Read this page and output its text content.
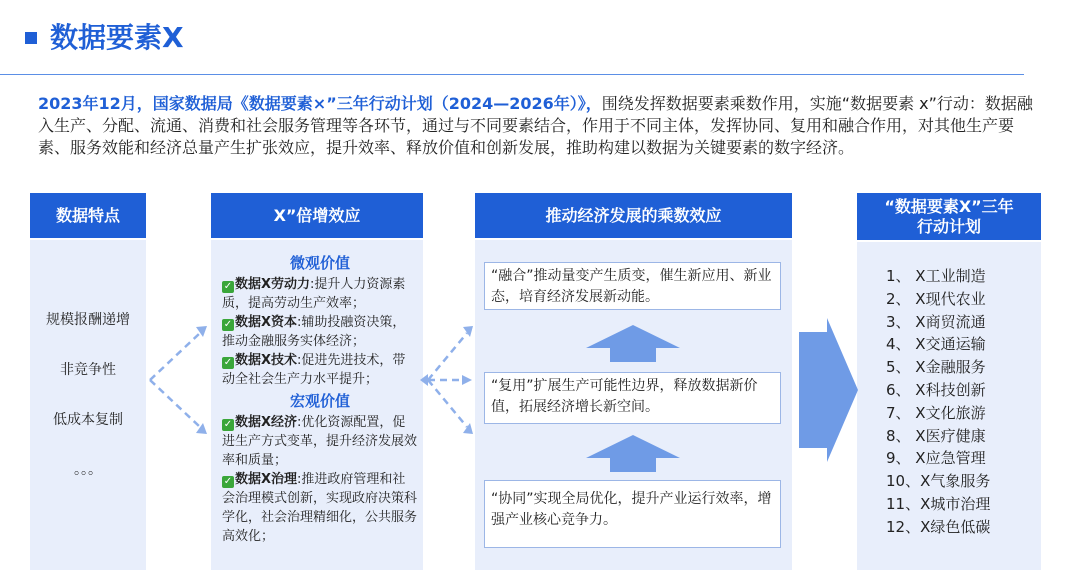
数据要素X
2023年12月，国家数据局《数据要素×”三年行动计划（2024—2026年）》，围绕发挥数据要素乘数作用，实施“数据要素 x”行动：数据融入生产、分配、流通、消费和社会服务管理等各环节，通过与不同要素结合，作用于不同主体，发挥协同、复用和融合作用，对其他生产要素、服务效能和经济总量产生扩张效应，提升效率、释放价值和创新发展，推助构建以数据为关键要素的数字经济。
数据特点
规模报酬递增
非竞争性
低成本复制
。。。
X”倍增效应
微观价值

✓ 数据X劳动力:提升人力资源素质，提高劳动生产效率；

✓ 数据X资本:辅助投融资决策，推动金融服务实体经济；

✓ 数据X技术:促进先进技术，带动全社会生产力水平提升；

宏观价值

✓ 数据X经济:优化资源配置，促进生产方式变革，提升经济发展效率和质量；

✓ 数据X治理:推进政府管理和社会治理模式创新，实现政府决策科学化，社会治理精细化，公共服务高效化；

推动经济发展的乘数效应
“融合”推动量变产生质变，催生新应用、新业态，培育经济发展新动能。
“复用”扩展生产可能性边界，释放数据新价值，拓展经济增长新空间。
“协同”实现全局优化，提升产业运行效率，增强产业核心竞争力。
“数据要素X”三年
行动计划
1、 X工业制造
2、 X现代农业
3、 X商贸流通
4、 X交通运输
5、 X金融服务
6、 X科技创新
7、 X文化旅游
8、 X医疗健康
9、 X应急管理
10、X气象服务
11、X城市治理
12、X绿色低碳
